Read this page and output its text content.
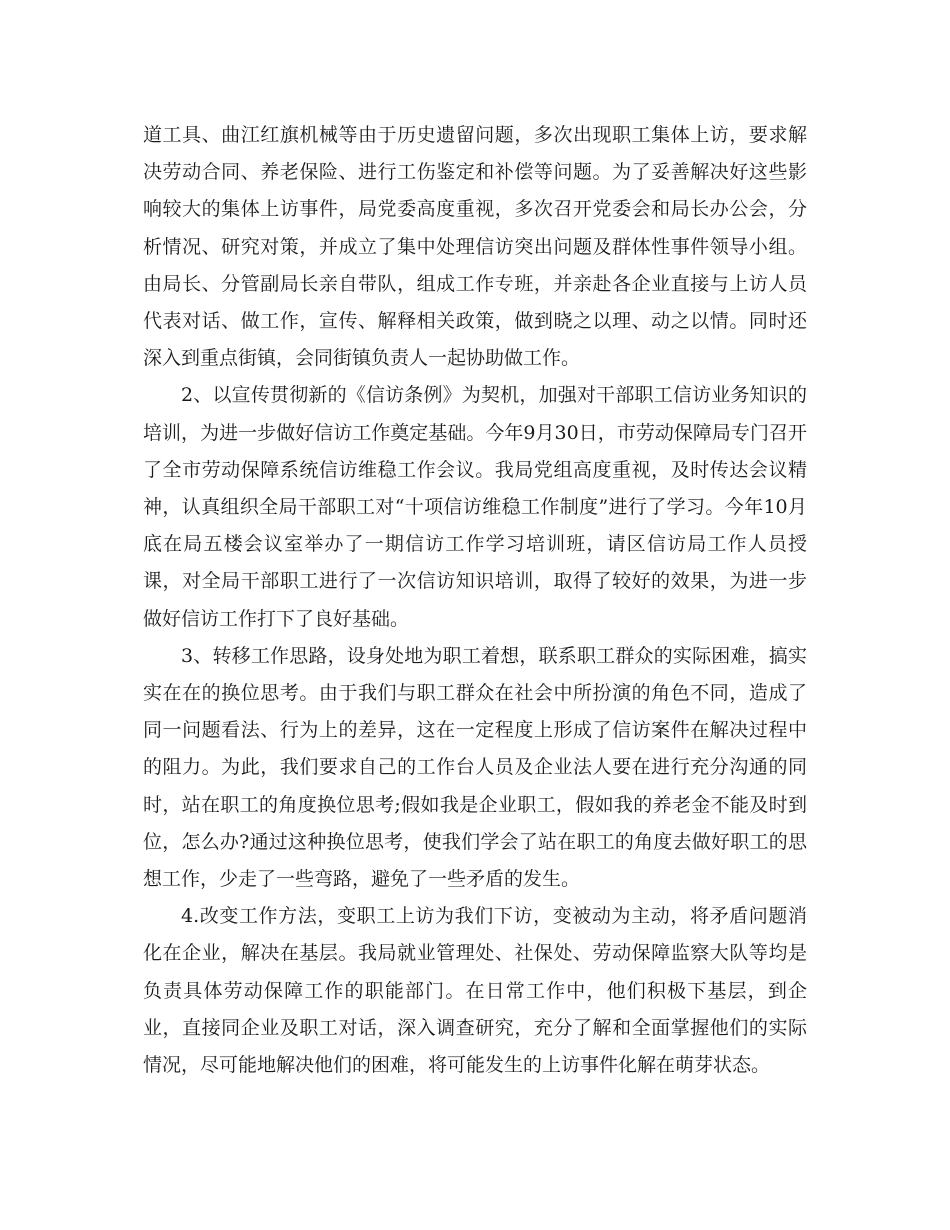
道工具、曲江红旗机械等由于历史遗留问题，多次出现职工集体上访，要求解决劳动合同、养老保险、进行工伤鉴定和补偿等问题。为了妥善解决好这些影响较大的集体上访事件，局党委高度重视，多次召开党委会和局长办公会，分析情况、研究对策，并成立了集中处理信访突出问题及群体性事件领导小组。由局长、分管副局长亲自带队，组成工作专班，并亲赴各企业直接与上访人员代表对话、做工作，宣传、解释相关政策，做到晓之以理、动之以情。同时还深入到重点街镇，会同街镇负责人一起协助做工作。

2、以宣传贯彻新的《信访条例》为契机，加强对干部职工信访业务知识的培训，为进一步做好信访工作奠定基础。今年9月30日，市劳动保障局专门召开了全市劳动保障系统信访维稳工作会议。我局党组高度重视，及时传达会议精神，认真组织全局干部职工对“十项信访维稳工作制度”进行了学习。今年10月底在局五楼会议室举办了一期信访工作学习培训班，请区信访局工作人员授课，对全局干部职工进行了一次信访知识培训，取得了较好的效果，为进一步做好信访工作打下了良好基础。

3、转移工作思路，设身处地为职工着想，联系职工群众的实际困难，搞实实在在的换位思考。由于我们与职工群众在社会中所扮演的角色不同，造成了同一问题看法、行为上的差异，这在一定程度上形成了信访案件在解决过程中的阻力。为此，我们要求自己的工作台人员及企业法人要在进行充分沟通的同时，站在职工的角度换位思考;假如我是企业职工，假如我的养老金不能及时到位，怎么办?通过这种换位思考，使我们学会了站在职工的角度去做好职工的思想工作，少走了一些弯路，避免了一些矛盾的发生。

4.改变工作方法，变职工上访为我们下访，变被动为主动，将矛盾问题消化在企业，解决在基层。我局就业管理处、社保处、劳动保障监察大队等均是负责具体劳动保障工作的职能部门。在日常工作中，他们积极下基层，到企业，直接同企业及职工对话，深入调查研究，充分了解和全面掌握他们的实际情况，尽可能地解决他们的困难，将可能发生的上访事件化解在萌芽状态。
